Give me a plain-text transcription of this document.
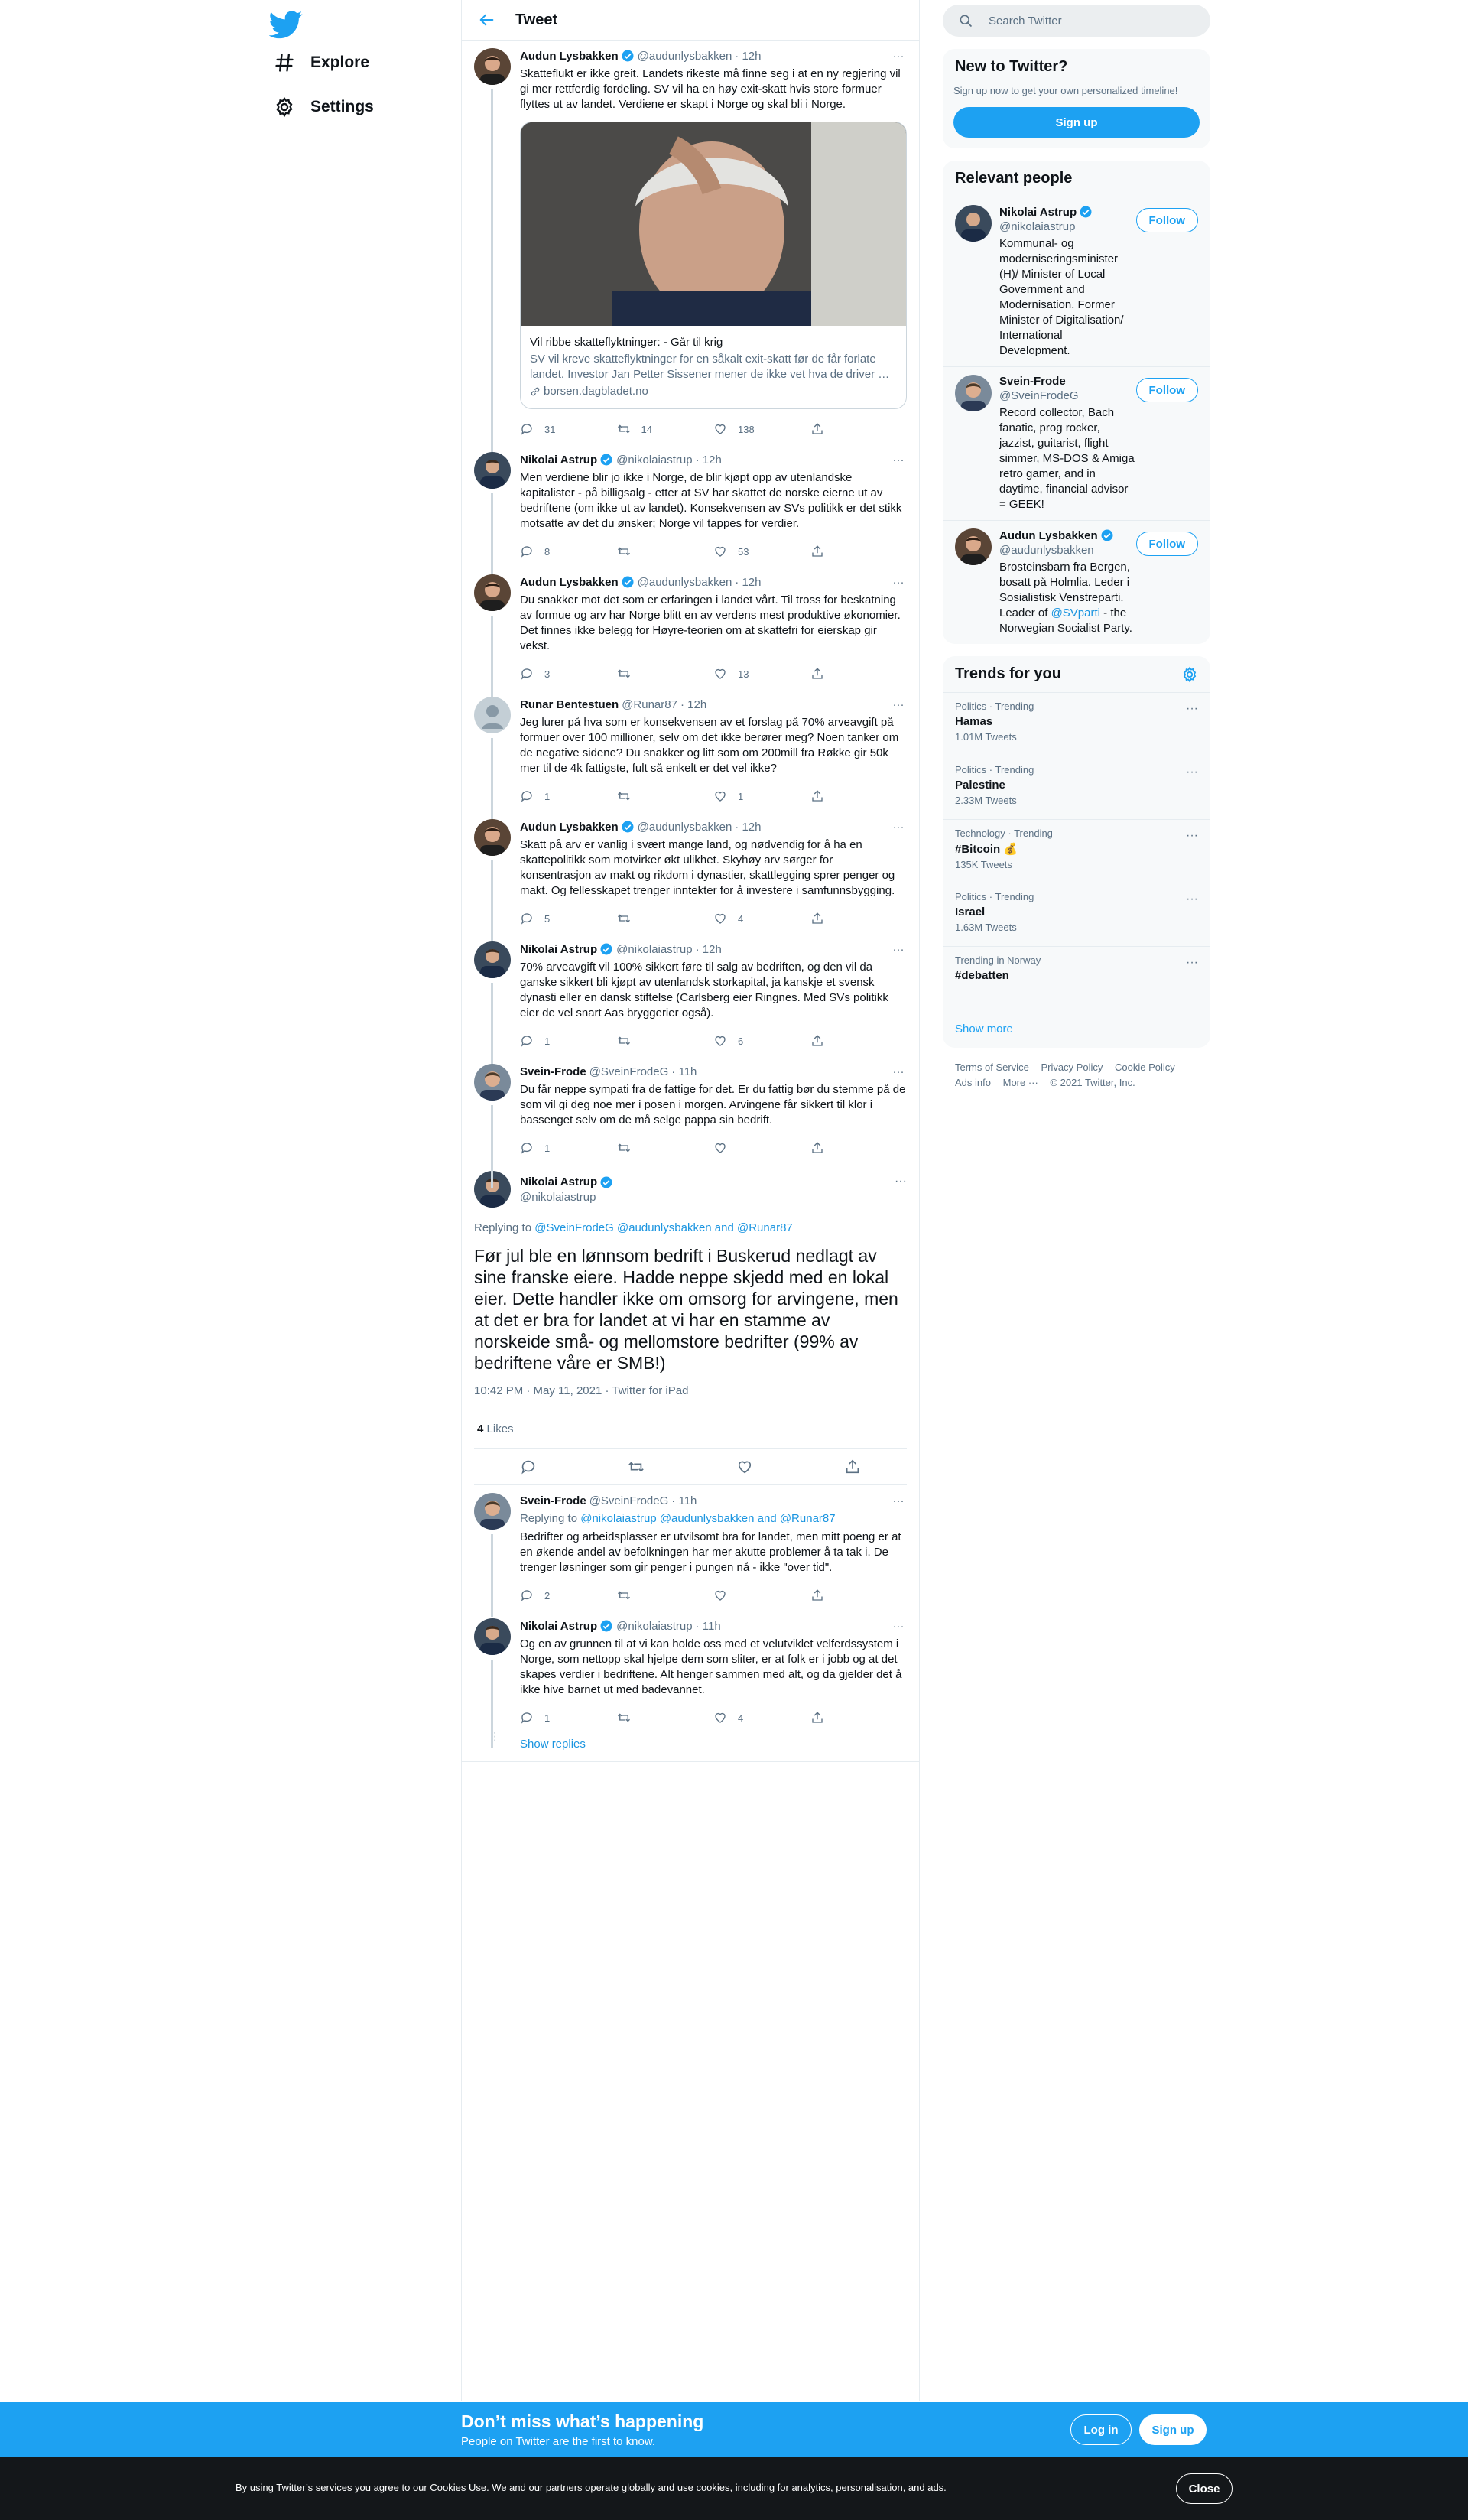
Explore
Settings
Tweet
Audun Lysbakken @audunlysbakken · 12h	···
Skatteflukt er ikke greit. Landets rikeste må finne seg i at en ny regjering vil gi mer rettferdig fordeling. SV vil ha en høy exit-skatt hvis store formuer flyttes ut av landet. Verdiene er skapt i Norge og skal bli i Norge.
Vil ribbe skatteflyktninger: - Går til krig
SV vil kreve skatteflyktninger for en såkalt exit-skatt før de får forlate landet. Investor Jan Petter Sissener mener de ikke vet hva de driver …
borsen.dagbladet.no
31	14	138
Nikolai Astrup @nikolaiastrup · 12h	···
Men verdiene blir jo ikke i Norge, de blir kjøpt opp av utenlandske kapitalister - på billigsalg - etter at SV har skattet de norske eierne ut av bedriftene (om ikke ut av landet). Konsekvensen av SVs politikk er det stikk motsatte av det du ønsker; Norge vil tappes for verdier.
8	53
Audun Lysbakken @audunlysbakken · 12h	···
Du snakker mot det som er erfaringen i landet vårt. Til tross for beskatning av formue og arv har Norge blitt en av verdens mest produktive økonomier. Det finnes ikke belegg for Høyre-teorien om at skattefri for eierskap gir vekst.
3	13
Runar Bentestuen @Runar87 · 12h	···
Jeg lurer på hva som er konsekvensen av et forslag på 70% arveavgift på formuer over 100 millioner, selv om det ikke berører meg? Noen tanker om de negative sidene? Du snakker og litt som om 200mill fra Røkke gir 50k mer til de 4k fattigste, fult så enkelt er det vel ikke?
1	1
Audun Lysbakken @audunlysbakken · 12h	···
Skatt på arv er vanlig i svært mange land, og nødvendig for å ha en skattepolitikk som motvirker økt ulikhet. Skyhøy arv sørger for konsentrasjon av makt og rikdom i dynastier, skattlegging sprer penger og makt. Og fellesskapet trenger inntekter for å investere i samfunnsbygging.
5	4
Nikolai Astrup @nikolaiastrup · 12h	···
70% arveavgift vil 100% sikkert føre til salg av bedriften, og den vil da ganske sikkert bli kjøpt av utenlandsk storkapital, ja kanskje et svensk dynasti eller en dansk stiftelse (Carlsberg eier Ringnes. Med SVs politikk eier de vel snart Aas bryggerier også).
1	6
Svein-Frode @SveinFrodeG · 11h	···
Du får neppe sympati fra de fattige for det. Er du fattig bør du stemme på de som vil gi deg noe mer i posen i morgen. Arvingene får sikkert til klor i bassenget selv om de må selge pappa sin bedrift.
1
Nikolai Astrup
@nikolaiastrup
···
Replying to @SveinFrodeG @audunlysbakken and @Runar87
Før jul ble en lønnsom bedrift i Buskerud nedlagt av sine franske eiere. Hadde neppe skjedd med en lokal eier. Dette handler ikke om omsorg for arvingene, men at det er bra for landet at vi har en stamme av norskeide små- og mellomstore bedrifter (99% av bedriftene våre er SMB!)
10:42 PM · May 11, 2021 · Twitter for iPad
4 Likes
Svein-Frode @SveinFrodeG · 11h	···
Replying to @nikolaiastrup @audunlysbakken and @Runar87
Bedrifter og arbeidsplasser er utvilsomt bra for landet, men mitt poeng er at en økende andel av befolkningen har mer akutte problemer å ta tak i. De trenger løsninger som gir penger i pungen nå - ikke "over tid".
2
Nikolai Astrup @nikolaiastrup · 11h	···
Og en av grunnen til at vi kan holde oss med et velutviklet velferdssystem i Norge, som nettopp skal hjelpe dem som sliter, er at folk er i jobb og at det skapes verdier i bedriftene. Alt henger sammen med alt, og da gjelder det å ikke hive barnet ut med badevannet.
1	4
⋮
Show replies
Search Twitter
New to Twitter?
Sign up now to get your own personalized timeline!
Sign up
Relevant people
Nikolai Astrup
@nikolaiastrup
Kommunal- og moderniseringsminister (H)/ Minister of Local Government and Modernisation. Former Minister of Digitalisation/ International Development.
Follow
Svein-Frode
@SveinFrodeG
Record collector, Bach fanatic, prog rocker, jazzist, guitarist, flight simmer, MS-DOS & Amiga retro gamer, and in daytime, financial advisor = GEEK!
Follow
Audun Lysbakken
@audunlysbakken
Brosteinsbarn fra Bergen, bosatt på Holmlia. Leder i Sosialistisk Venstreparti. Leader of @SVparti - the Norwegian Socialist Party.
Follow
Trends for you
Politics · Trending
Hamas
1.01M Tweets
···
Politics · Trending
Palestine
2.33M Tweets
···
Technology · Trending
#Bitcoin 💰
135K Tweets
···
Politics · Trending
Israel
1.63M Tweets
···
Trending in Norway
#debatten
···
Show more
Terms of Service Privacy Policy Cookie Policy
Ads info More ··· © 2021 Twitter, Inc.
Don’t miss what’s happening
People on Twitter are the first to know.
Log in	Sign up
By using Twitter’s services you agree to our Cookies Use. We and our partners operate globally and use cookies, including for analytics, personalisation, and ads.	Close
